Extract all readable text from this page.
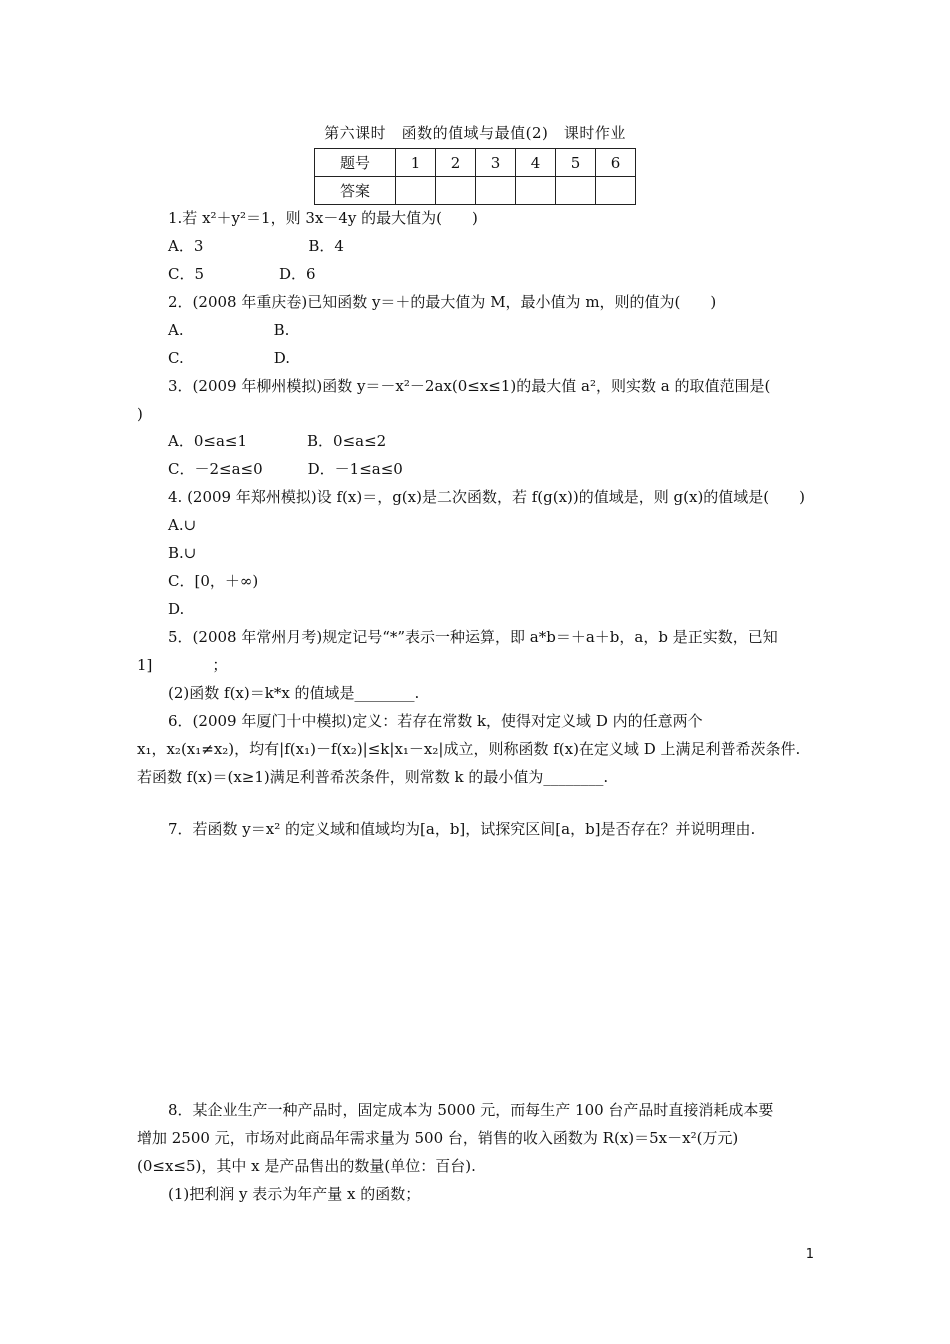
第六课时　函数的值域与最值(2)　课时作业
题号	1	2	3	4	5	6
答案						
1.若 x²＋y²＝1，则 3x－4y 的最大值为(　　)
A．3　　　　　　　B．4
C．5　　　　　D．6
2．(2008 年重庆卷)已知函数 y＝＋的最大值为 M，最小值为 m，则的值为(　　)
A.　　　　　　B.
C.　　　　　　D.
3．(2009 年柳州模拟)函数 y＝－x²－2ax(0≤x≤1)的最大值 a²，则实数 a 的取值范围是(
)
A．0≤a≤1　　　　B．0≤a≤2
C．－2≤a≤0　　　D．－1≤a≤0
4. (2009 年郑州模拟)设 f(x)＝，g(x)是二次函数，若 f(g(x))的值域是，则 g(x)的值域是(　　)
A.∪
B.∪
C．[0，＋∞)
D.
5．(2008 年常州月考)规定记号“*”表示一种运算，即 a*b＝＋a＋b，a，b 是正实数，已知
1]　　　　；
(2)函数 f(x)＝k*x 的值域是________.
6．(2009 年厦门十中模拟)定义：若存在常数 k，使得对定义域 D 内的任意两个
x₁，x₂(x₁≠x₂)，均有|f(x₁)－f(x₂)|≤k|x₁－x₂|成立，则称函数 f(x)在定义域 D 上满足利普希茨条件.
若函数 f(x)＝(x≥1)满足利普希茨条件，则常数 k 的最小值为________.
7．若函数 y＝x² 的定义域和值域均为[a，b]，试探究区间[a，b]是否存在？并说明理由.
8．某企业生产一种产品时，固定成本为 5000 元，而每生产 100 台产品时直接消耗成本要
增加 2500 元，市场对此商品年需求量为 500 台，销售的收入函数为 R(x)＝5x－x²(万元)
(0≤x≤5)，其中 x 是产品售出的数量(单位：百台).
(1)把利润 y 表示为年产量 x 的函数；
1
